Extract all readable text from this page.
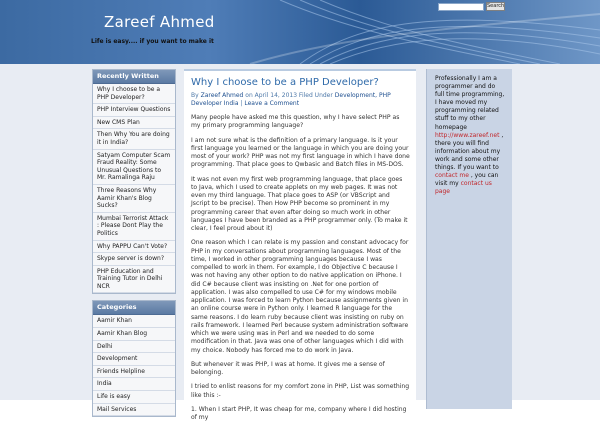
Zareef Ahmed
Life is easy.... if you want to make it
Search
Recently Written
Why I choose to be a PHP Developer?
PHP Interview Questions
New CMS Plan
Then Why You are doing it in India?
Satyam Computer Scam Fraud Reality: Some Unusual Questions to Mr. Ramalinga Raju
Three Reasons Why Aamir Khan's Blog Sucks?
Mumbai Terrorist Attack : Please Dont Play the Politics
Why PAPPU Can't Vote?
Skype server is down?
PHP Education and Training Tutor in Delhi NCR
Categories
Aamir Khan
Aamir Khan Blog
Delhi
Development
Friends Helpline
India
Life is easy
Mail Services
Why I choose to be a PHP Developer?
By Zareef Ahmed on April 14, 2013 Filed Under Development, PHP Developer India | Leave a Comment

Many people have asked me this question, why I have select PHP as my primary programming language?

I am not sure what is the definition of a primary language. Is it your first language you learned or the language in which you are doing your most of your work? PHP was not my first language in which I have done programming. That place goes to Qwbasic and Batch files in MS-DOS.

It was not even my first web programming language, that place goes to Java, which I used to create applets on my web pages. It was not even my third language. That place goes to ASP (or VBScript and Jscript to be precise). Then How PHP become so prominent in my programming career that even after doing so much work in other languages I have been branded as a PHP programmer only. (To make it clear, I feel proud about it)

One reason which I can relate is my passion and constant advocacy for PHP in my conversations about programming languages. Most of the time, I worked in other programming languages because I was compelled to work in them. For example, I do Objective C because I was not having any other option to do native application on iPhone. I did C# because client was insisting on .Net for one portion of application. I was also compelled to use C# for my windows mobile application. I was forced to learn Python because assignments given in an online course were in Python only. I learned R language for the same reasons. I do learn ruby because client was insisting on ruby on rails framework. I learned Perl because system administration software which we were using was in Perl and we needed to do some modification in that. Java was one of other languages which I did with my choice. Nobody has forced me to do work in Java.

But whenever it was PHP, I was at home. It gives me a sense of belonging.

I tried to enlist reasons for my comfort zone in PHP, List was something like this :-

1. When I start PHP, It was cheap for me, company where I did hosting of my

Professionally I am a programmer and do full time programming, I have moved my programming related stuff to my other homepage http://www.zareef.net , there you will find information about my work and some other things. If you want to contact me , you can visit my contact us page
